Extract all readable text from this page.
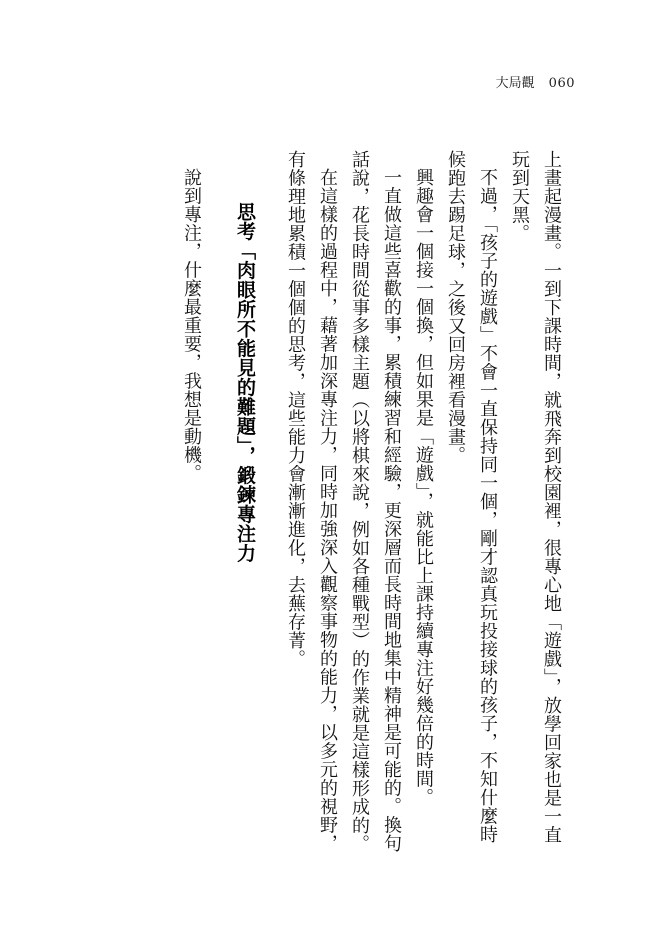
大局觀 060

上畫起漫畫。一到下課時間，就飛奔到校園裡，很專心地「遊戲」，放學回家也是一直玩到天黑。

不過，「孩子的遊戲」不會一直保持同一個，剛才認真玩投接球的孩子，不知什麼時候跑去踢足球，之後又回房裡看漫畫。

興趣會一個接一個換，但如果是「遊戲」，就能比上課持續專注好幾倍的時間。

一直做這些喜歡的事，累積練習和經驗，更深層而長時間地集中精神是可能的。換句話說，花長時間從事多樣主題（以將棋來說，例如各種戰型）的作業就是這樣形成的。

在這樣的過程中，藉著加深專注力，同時加強深入觀察事物的能力，以多元的視野，有條理地累積一個個的思考，這些能力會漸漸進化，去蕪存菁。

思考「肉眼所不能見的難題」，鍛鍊專注力

說到專注，什麼最重要，我想是動機。
